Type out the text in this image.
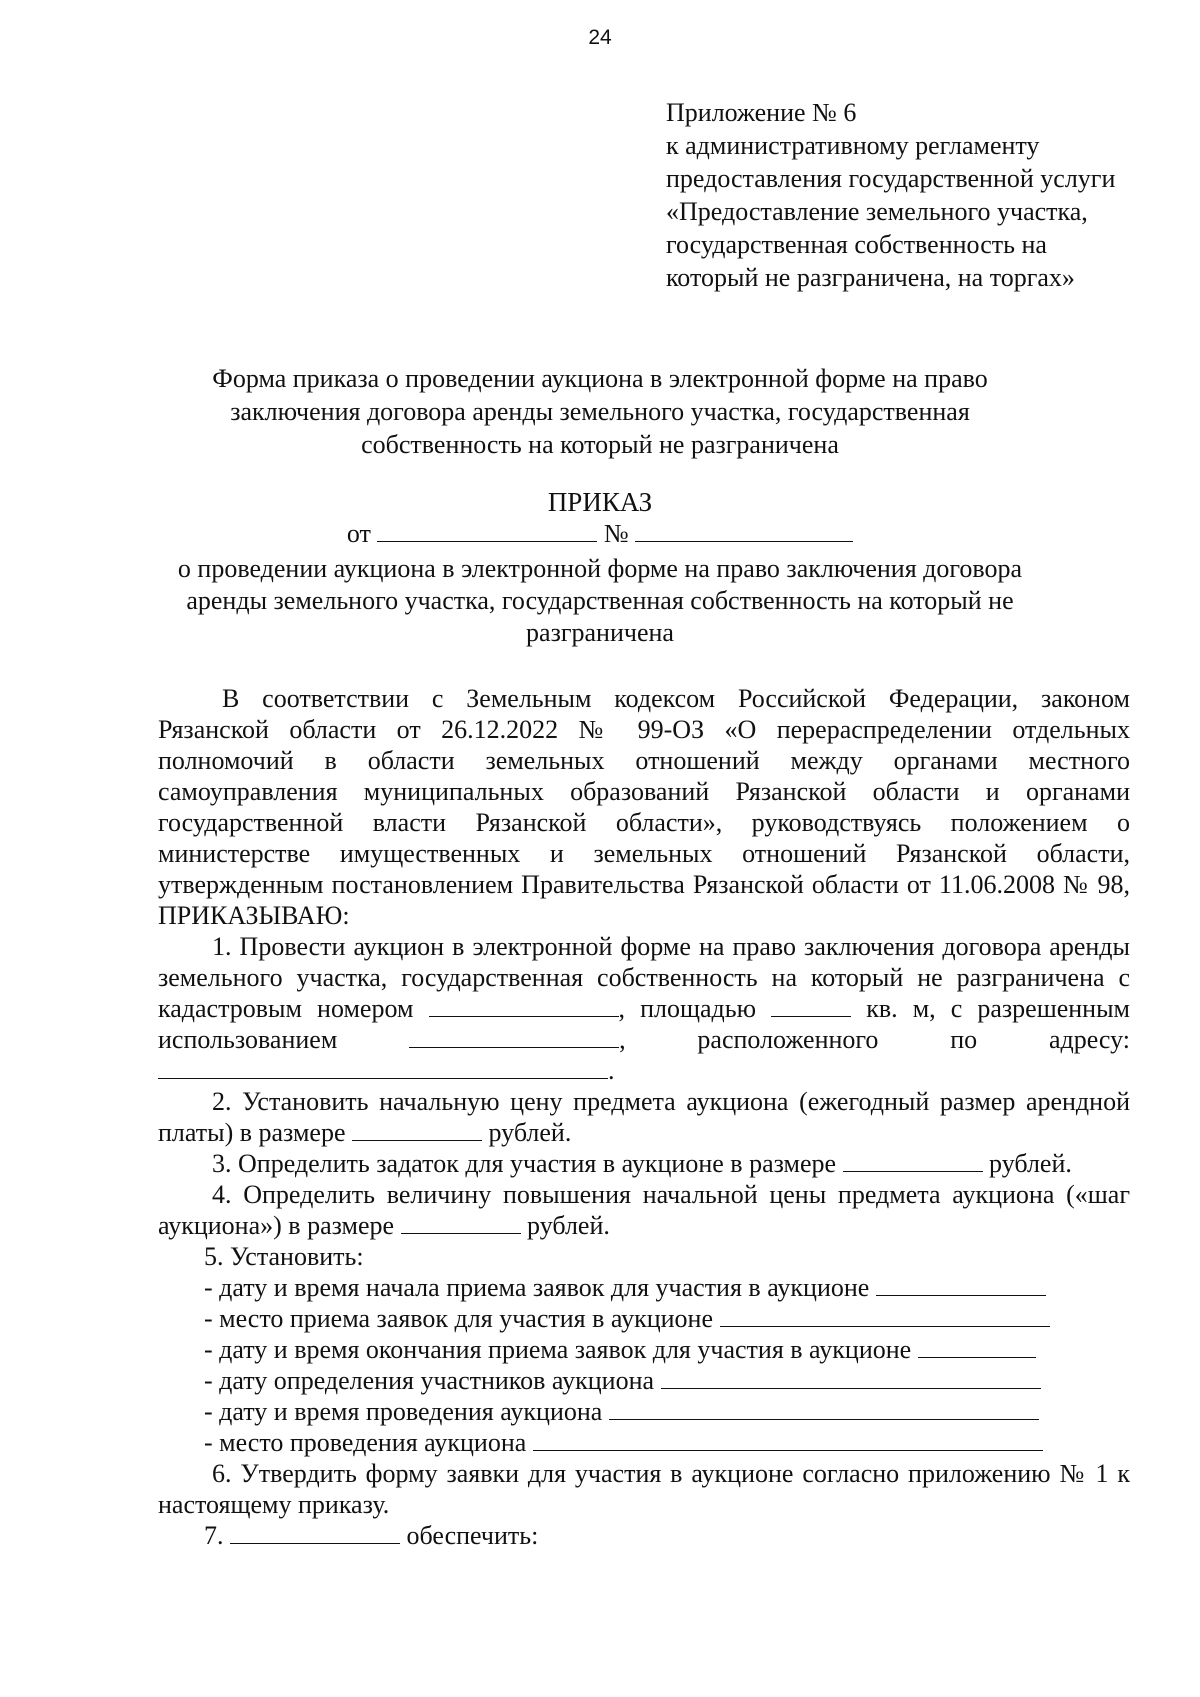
24
Приложение № 6
к административному регламенту
предоставления государственной услуги
«Предоставление земельного участка,
государственная собственность на
который не разграничена, на торгах»
Форма приказа о проведении аукциона в электронной форме на право заключения договора аренды земельного участка, государственная собственность на который не разграничена
ПРИКАЗ
от	№
о проведении аукциона в электронной форме на право заключения договора аренды земельного участка, государственная собственность на который не разграничена
В соответствии с Земельным кодексом Российской Федерации, законом Рязанской области от 26.12.2022 № 99-ОЗ «О перераспределении отдельных полномочий в области земельных отношений между органами местного самоуправления муниципальных образований Рязанской области и органами государственной власти Рязанской области», руководствуясь положением о министерстве имущественных и земельных отношений Рязанской области, утвержденным постановлением Правительства Рязанской области от 11.06.2008 № 98, ПРИКАЗЫВАЮ:
1. Провести аукцион в электронной форме на право заключения договора аренды земельного участка, государственная собственность на который не разграничена с кадастровым номером	, площадью	кв. м, с разрешенным использованием	, расположенного по адресу: .
2. Установить начальную цену предмета аукциона (ежегодный размер арендной платы) в размере	рублей.
3. Определить задаток для участия в аукционе в размере	рублей.
4. Определить величину повышения начальной цены предмета аукциона («шаг аукциона») в размере	рублей.
5. Установить:
- дату и время начала приема заявок для участия в аукционе
- место приема заявок для участия в аукционе
- дату и время окончания приема заявок для участия в аукционе
- дату определения участников аукциона
- дату и время проведения аукциона
- место проведения аукциона
6. Утвердить форму заявки для участия в аукционе согласно приложению № 1 к настоящему приказу.
7.	обеспечить:
